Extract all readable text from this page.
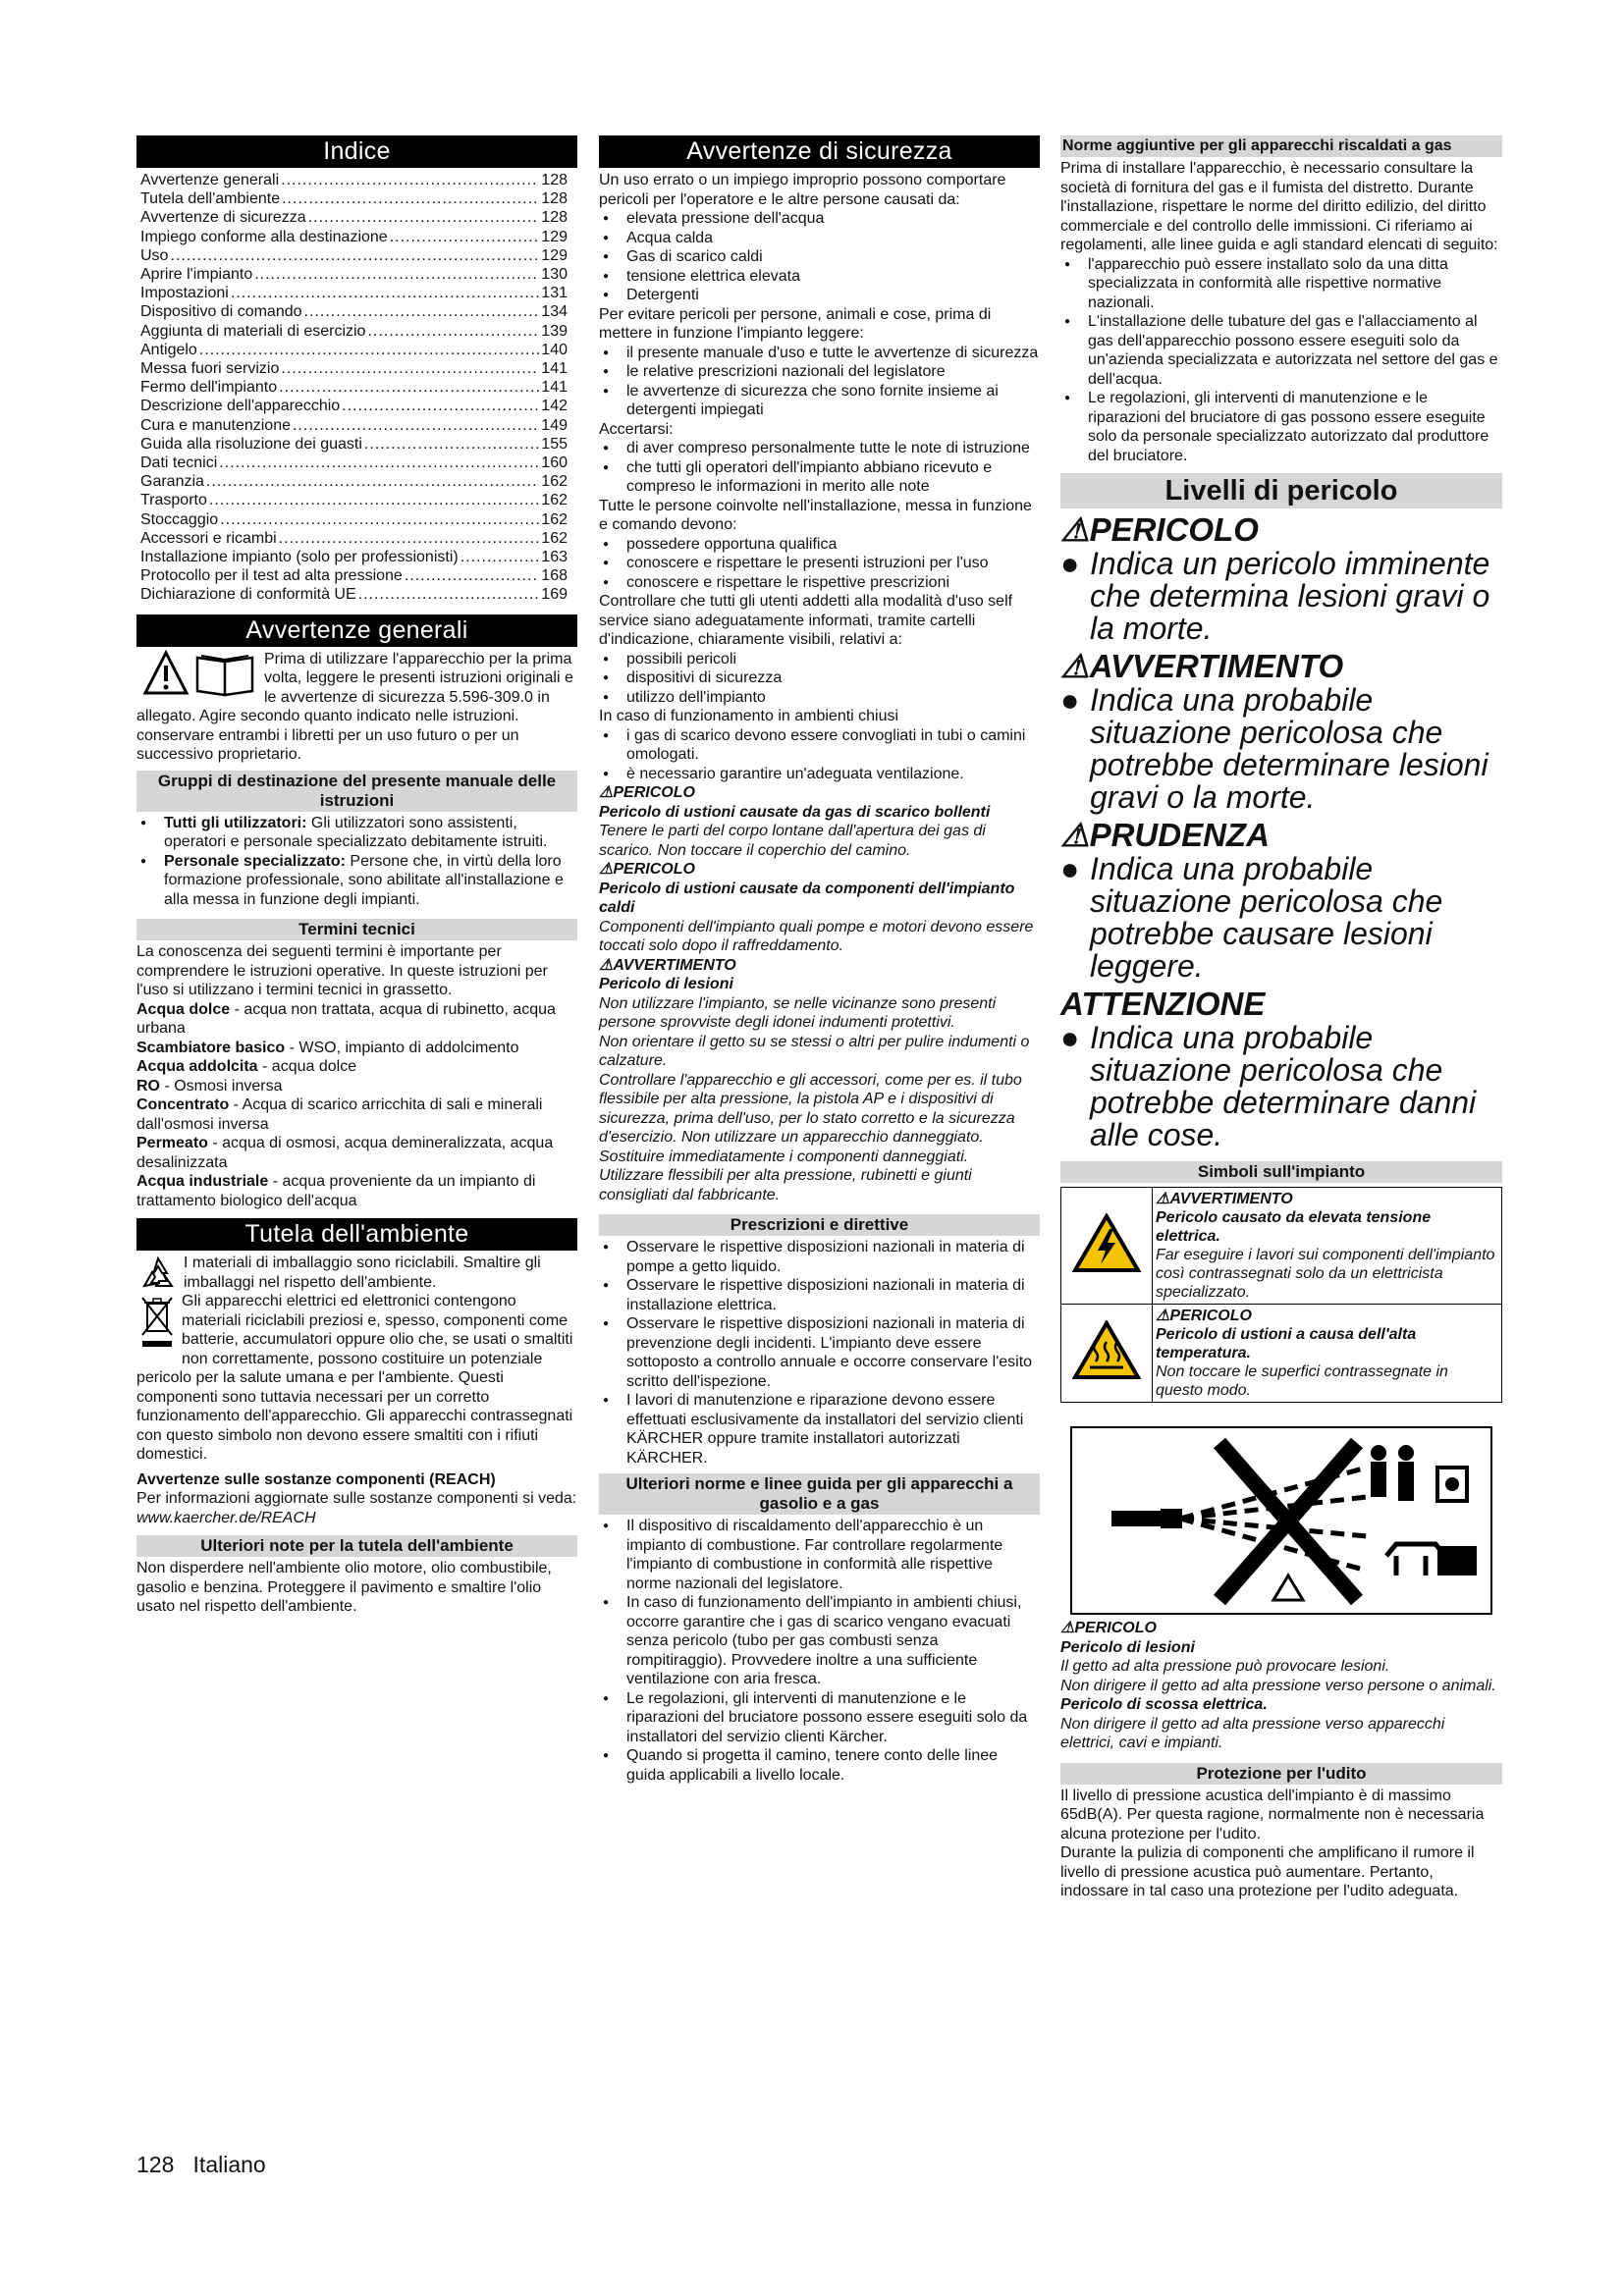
Indice
Avvertenze generali .....	128
Tutela dell'ambiente .....	128
Avvertenze di sicurezza .....	128
Impiego conforme alla destinazione .....	129
Uso .....	129
Aprire l'impianto .....	130
Impostazioni .....	131
Dispositivo di comando .....	134
Aggiunta di materiali di esercizio .....	139
Antigelo .....	140
Messa fuori servizio .....	141
Fermo dell'impianto .....	141
Descrizione dell'apparecchio .....	142
Cura e manutenzione .....	149
Guida alla risoluzione dei guasti .....	155
Dati tecnici .....	160
Garanzia .....	162
Trasporto .....	162
Stoccaggio .....	162
Accessori e ricambi .....	162
Installazione impianto (solo per professionisti) .....	163
Protocollo per il test ad alta pressione .....	168
Dichiarazione di conformità UE .....	169
Avvertenze generali

Prima di utilizzare l'apparecchio per la prima volta, leggere le presenti istruzioni originali e le avvertenze di sicurezza 5.596-309.0 in allegato. Agire secondo quanto indicato nelle istruzioni.

conservare entrambi i libretti per un uso futuro o per un successivo proprietario.

Gruppi di destinazione del presente manuale delle istruzioni
● Tutti gli utilizzatori: Gli utilizzatori sono assistenti, operatori e personale specializzato debitamente istruiti.
● Personale specializzato: Persone che, in virtù della loro formazione professionale, sono abilitate all'installazione e alla messa in funzione degli impianti.
Termini tecnici

La conoscenza dei seguenti termini è importante per comprendere le istruzioni operative. In queste istruzioni per l'uso si utilizzano i termini tecnici in grassetto.

Acqua dolce - acqua non trattata, acqua di rubinetto, acqua urbana

Scambiatore basico - WSO, impianto di addolcimento

Acqua addolcita - acqua dolce

RO - Osmosi inversa

Concentrato - Acqua di scarico arricchita di sali e minerali dall'osmosi inversa

Permeato - acqua di osmosi, acqua demineralizzata, acqua desalinizzata

Acqua industriale - acqua proveniente da un impianto di trattamento biologico dell'acqua

Tutela dell'ambiente

I materiali di imballaggio sono riciclabili. Smaltire gli imballaggi nel rispetto dell'ambiente.

Gli apparecchi elettrici ed elettronici contengono materiali riciclabili preziosi e, spesso, componenti come batterie, accumulatori oppure olio che, se usati o smaltiti non correttamente, possono costituire un potenziale pericolo per la salute umana e per l'ambiente. Questi componenti sono tuttavia necessari per un corretto funzionamento dell'apparecchio. Gli apparecchi contrassegnati con questo simbolo non devono essere smaltiti con i rifiuti domestici.

Avvertenze sulle sostanze componenti (REACH)

Per informazioni aggiornate sulle sostanze componenti si veda: www.kaercher.de/REACH

Ulteriori note per la tutela dell'ambiente

Non disperdere nell'ambiente olio motore, olio combustibile, gasolio e benzina. Proteggere il pavimento e smaltire l'olio usato nel rispetto dell'ambiente.

Avvertenze di sicurezza

Un uso errato o un impiego improprio possono comportare pericoli per l'operatore e le altre persone causati da:

● elevata pressione dell'acqua
● Acqua calda
● Gas di scarico caldi
● tensione elettrica elevata
● Detergenti

Per evitare pericoli per persone, animali e cose, prima di mettere in funzione l'impianto leggere:

● il presente manuale d'uso e tutte le avvertenze di sicurezza
● le relative prescrizioni nazionali del legislatore
● le avvertenze di sicurezza che sono fornite insieme ai detergenti impiegati

Accertarsi:

● di aver compreso personalmente tutte le note di istruzione
● che tutti gli operatori dell'impianto abbiano ricevuto e compreso le informazioni in merito alle note

Tutte le persone coinvolte nell'installazione, messa in funzione e comando devono:

● possedere opportuna qualifica
● conoscere e rispettare le presenti istruzioni per l'uso
● conoscere e rispettare le rispettive prescrizioni

Controllare che tutti gli utenti addetti alla modalità d'uso self service siano adeguatamente informati, tramite cartelli d'indicazione, chiaramente visibili, relativi a:

● possibili pericoli
● dispositivi di sicurezza
● utilizzo dell'impianto

In caso di funzionamento in ambienti chiusi

● i gas di scarico devono essere convogliati in tubi o camini omologati.
● è necessario garantire un'adeguata ventilazione.

⚠PERICOLO

Pericolo di ustioni causate da gas di scarico bollenti

Tenere le parti del corpo lontane dall'apertura dei gas di scarico. Non toccare il coperchio del camino.

⚠PERICOLO

Pericolo di ustioni causate da componenti dell'impianto caldi

Componenti dell'impianto quali pompe e motori devono essere toccati solo dopo il raffreddamento.

⚠AVVERTIMENTO

Pericolo di lesioni

Non utilizzare l'impianto, se nelle vicinanze sono presenti persone sprovviste degli idonei indumenti protettivi.

Non orientare il getto su se stessi o altri per pulire indumenti o calzature.

Controllare l'apparecchio e gli accessori, come per es. il tubo flessibile per alta pressione, la pistola AP e i dispositivi di sicurezza, prima dell'uso, per lo stato corretto e la sicurezza d'esercizio. Non utilizzare un apparecchio danneggiato. Sostituire immediatamente i componenti danneggiati.

Utilizzare flessibili per alta pressione, rubinetti e giunti consigliati dal fabbricante.

Prescrizioni e direttive
● Osservare le rispettive disposizioni nazionali in materia di pompe a getto liquido.
● Osservare le rispettive disposizioni nazionali in materia di installazione elettrica.
● Osservare le rispettive disposizioni nazionali in materia di prevenzione degli incidenti. L'impianto deve essere sottoposto a controllo annuale e occorre conservare l'esito scritto dell'ispezione.
● I lavori di manutenzione e riparazione devono essere effettuati esclusivamente da installatori del servizio clienti KÄRCHER oppure tramite installatori autorizzati KÄRCHER.
Ulteriori norme e linee guida per gli apparecchi a gasolio e a gas
● Il dispositivo di riscaldamento dell'apparecchio è un impianto di combustione. Far controllare regolarmente l'impianto di combustione in conformità alle rispettive norme nazionali del legislatore.
● In caso di funzionamento dell'impianto in ambienti chiusi, occorre garantire che i gas di scarico vengano evacuati senza pericolo (tubo per gas combusti senza rompitiraggio). Provvedere inoltre a una sufficiente ventilazione con aria fresca.
● Le regolazioni, gli interventi di manutenzione e le riparazioni del bruciatore possono essere eseguiti solo da installatori del servizio clienti Kärcher.
● Quando si progetta il camino, tenere conto delle linee guida applicabili a livello locale.
Norme aggiuntive per gli apparecchi riscaldati a gas

Prima di installare l'apparecchio, è necessario consultare la società di fornitura del gas e il fumista del distretto. Durante l'installazione, rispettare le norme del diritto edilizio, del diritto commerciale e del controllo delle immissioni. Ci riferiamo ai regolamenti, alle linee guida e agli standard elencati di seguito:

● l'apparecchio può essere installato solo da una ditta specializzata in conformità alle rispettive normative nazionali.
● L'installazione delle tubature del gas e l'allacciamento al gas dell'apparecchio possono essere eseguiti solo da un'azienda specializzata e autorizzata nel settore del gas e dell'acqua.
● Le regolazioni, gli interventi di manutenzione e le riparazioni del bruciatore di gas possono essere eseguite solo da personale specializzato autorizzato dal produttore del bruciatore.
Livelli di pericolo

⚠PERICOLO

● Indica un pericolo imminente che determina lesioni gravi o la morte.

⚠AVVERTIMENTO

● Indica una probabile situazione pericolosa che potrebbe determinare lesioni gravi o la morte.

⚠PRUDENZA

● Indica una probabile situazione pericolosa che potrebbe causare lesioni leggere.

ATTENZIONE

● Indica una probabile situazione pericolosa che potrebbe determinare danni alle cose.

Simboli sull'impianto

⚠AVVERTIMENTO

Pericolo causato da elevata tensione elettrica.

Far eseguire i lavori sui componenti dell'impianto così contrassegnati solo da un elettricista specializzato.

⚠PERICOLO

Pericolo di ustioni a causa dell'alta temperatura.

Non toccare le superfici contrassegnate in questo modo.

⚠PERICOLO

Pericolo di lesioni

Il getto ad alta pressione può provocare lesioni.

Non dirigere il getto ad alta pressione verso persone o animali.

Pericolo di scossa elettrica.

Non dirigere il getto ad alta pressione verso apparecchi elettrici, cavi e impianti.

Protezione per l'udito

Il livello di pressione acustica dell'impianto è di massimo 65dB(A). Per questa ragione, normalmente non è necessaria alcuna protezione per l'udito.

Durante la pulizia di componenti che amplificano il rumore il livello di pressione acustica può aumentare. Pertanto, indossare in tal caso una protezione per l'udito adeguata.

128 Italiano
